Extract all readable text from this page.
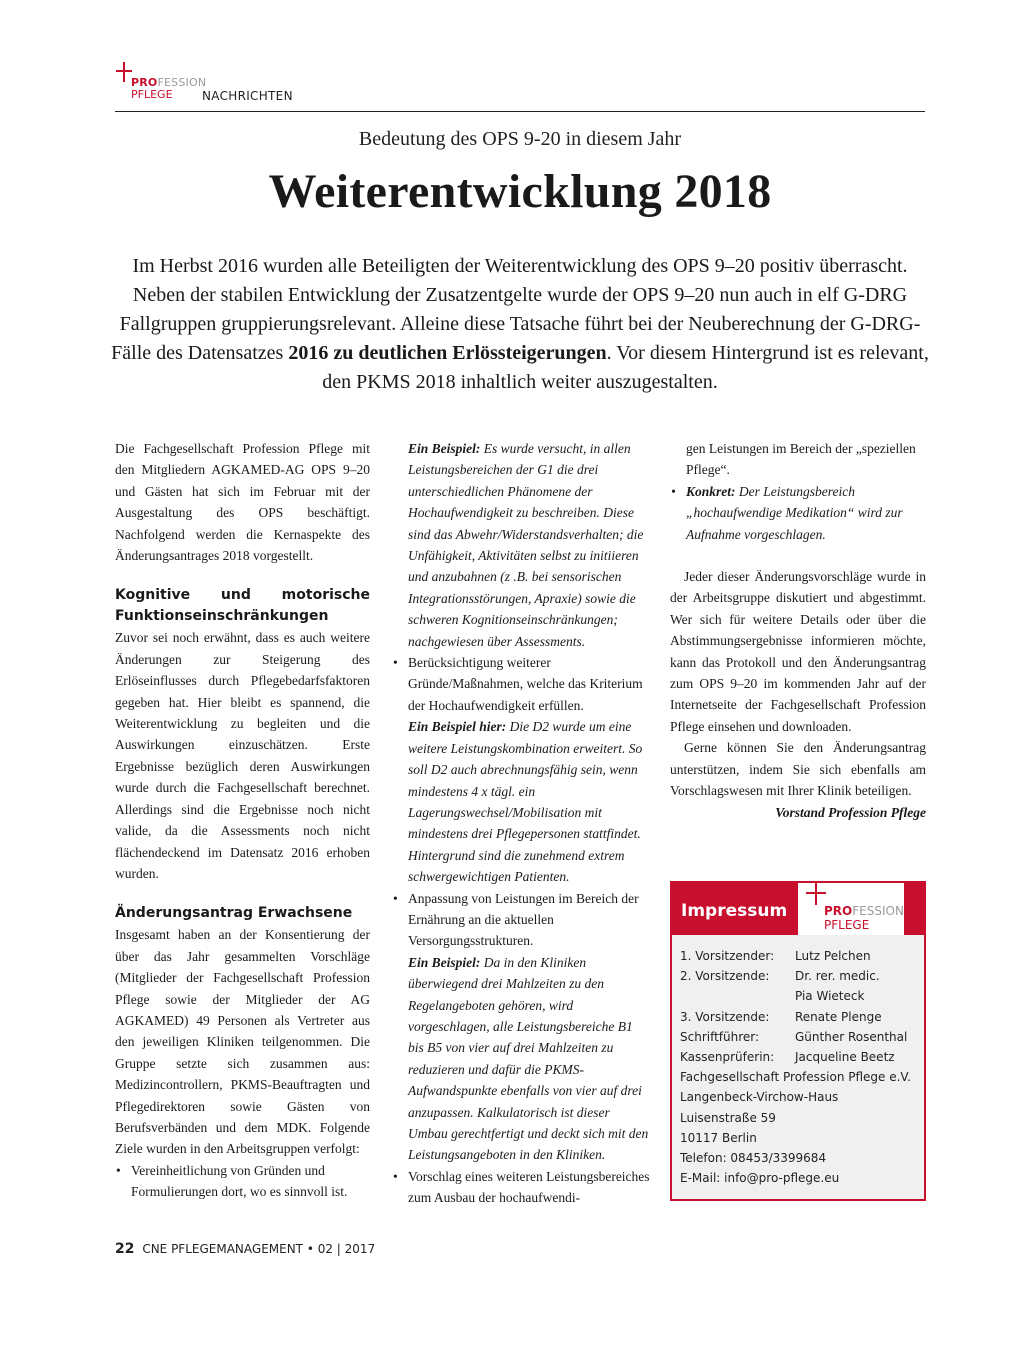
PROFESSION
PFLEGE NACHRICHTEN
Bedeutung des OPS 9-20 in diesem Jahr
Weiterentwicklung 2018
Im Herbst 2016 wurden alle Beteiligten der Weiterentwicklung des OPS 9–20 positiv überrascht. Neben der stabilen Entwicklung der Zusatzentgelte wurde der OPS 9–20 nun auch in elf G-DRG Fallgruppen gruppierungsrelevant. Alleine diese Tatsache führt bei der Neuberechnung der G-DRG-Fälle des Datensatzes 2016 zu deutlichen Erlössteigerungen. Vor diesem Hintergrund ist es relevant, den PKMS 2018 inhaltlich weiter auszugestalten.

Die Fachgesellschaft Profession Pflege mit den Mitgliedern AGKAMED-AG OPS 9–20 und Gästen hat sich im Februar mit der Ausgestaltung des OPS beschäftigt. Nachfolgend werden die Kernaspekte des Änderungsantrages 2018 vorgestellt.

Kognitive und motorische Funktionseinschränkungen

Zuvor sei noch erwähnt, dass es auch weitere Änderungen zur Steigerung des Erlöseinflusses durch Pflegebedarfsfaktoren gegeben hat. Hier bleibt es spannend, die Weiterentwicklung zu begleiten und die Auswirkungen einzuschätzen. Erste Ergebnisse bezüglich deren Auswirkungen wurde durch die Fachgesellschaft berechnet. Allerdings sind die Ergebnisse noch nicht valide, da die Assessments noch nicht flächendeckend im Datensatz 2016 erhoben wurden.

Änderungsantrag Erwachsene

Insgesamt haben an der Konsentierung der über das Jahr gesammelten Vorschläge (Mitglieder der Fachgesellschaft Profession Pflege sowie der Mitglieder der AG AGKAMED) 49 Personen als Vertreter aus den jeweiligen Kliniken teilgenommen. Die Gruppe setzte sich zusammen aus: Medizincontrollern, PKMS-Beauftragten und Pflegedirektoren sowie Gästen von Berufsverbänden und dem MDK. Folgende Ziele wurden in den Arbeitsgruppen verfolgt:

• Vereinheitlichung von Gründen und Formulierungen dort, wo es sinnvoll ist.

Ein Beispiel: Es wurde versucht, in allen Leistungsbereichen der G1 die drei unterschiedlichen Phänomene der Hochaufwendigkeit zu beschreiben. Diese sind das Abwehr/Widerstandsverhalten; die Unfähigkeit, Aktivitäten selbst zu initiieren und anzubahnen (z .B. bei sensorischen Integrationsstörungen, Apraxie) sowie die schweren Kognitionseinschränkungen; nachgewiesen über Assessments.

• Berücksichtigung weiterer Gründe/Maßnahmen, welche das Kriterium der Hochaufwendigkeit erfüllen.

Ein Beispiel hier: Die D2 wurde um eine weitere Leistungskombination erweitert. So soll D2 auch abrechnungsfähig sein, wenn mindestens 4 x tägl. ein Lagerungswechsel/Mobilisation mit mindestens drei Pflegepersonen stattfindet. Hintergrund sind die zunehmend extrem schwergewichtigen Patienten.

• Anpassung von Leistungen im Bereich der Ernährung an die aktuellen Versorgungsstrukturen.

Ein Beispiel: Da in den Kliniken überwiegend drei Mahlzeiten zu den Regelangeboten gehören, wird vorgeschlagen, alle Leistungsbereiche B1 bis B5 von vier auf drei Mahlzeiten zu reduzieren und dafür die PKMS-Aufwandspunkte ebenfalls von vier auf drei anzupassen. Kalkulatorisch ist dieser Umbau gerechtfertigt und deckt sich mit den Leistungsangeboten in den Kliniken.

• Vorschlag eines weiteren Leistungsbereiches zum Ausbau der hochaufwendi-

gen Leistungen im Bereich der „speziellen Pflege“.

• Konkret: Der Leistungsbereich „hochaufwendige Medikation“ wird zur Aufnahme vorgeschlagen.

Jeder dieser Änderungsvorschläge wurde in der Arbeitsgruppe diskutiert und abgestimmt. Wer sich für weitere Details oder über die Abstimmungsergebnisse informieren möchte, kann das Protokoll und den Änderungsantrag zum OPS 9–20 im kommenden Jahr auf der Internetseite der Fachgesellschaft Profession Pflege einsehen und downloaden.

Gerne können Sie den Änderungsantrag unterstützen, indem Sie sich ebenfalls am Vorschlagswesen mit Ihrer Klinik beteiligen.

Vorstand Profession Pflege

Impressum	PROFESSION
PFLEGE
1. Vorsitzender:	Lutz Pelchen
2. Vorsitzende:	Dr. rer. medic.
Pia Wieteck
3. Vorsitzende:	Renate Plenge
Schriftführer:	Günther Rosenthal
Kassenprüferin:	Jacqueline Beetz
Fachgesellschaft Profession Pflege e.V.
Langenbeck-Virchow-Haus
Luisenstraße 59
10117 Berlin
Telefon: 08453/3399684
E-Mail: info@pro-pflege.eu
22 CNE PFLEGEMANAGEMENT • 02 | 2017
